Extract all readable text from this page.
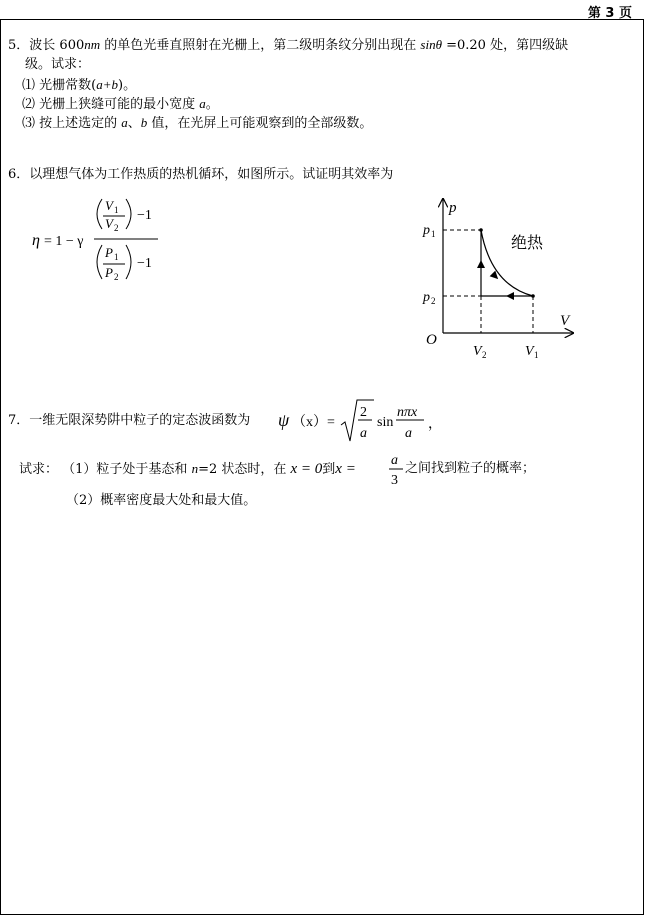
第 3 页
5．波长 600nm 的单色光垂直照射在光栅上，第二级明条纹分别出现在 sinθ =0.20 处，第四级缺
级。试求：
⑴ 光栅常数(a+b)。
⑵ 光栅上狭缝可能的最小宽度 a。
⑶ 按上述选定的 a、b 值，在光屏上可能观察到的全部级数。
6．以理想气体为工作热质的热机循环，如图所示。试证明其效率为
η = 1 − γ
V 1
V 2
−1
P 1
P 2
−1
p
V
O
p 1
p 2
V 2	V 1
绝热
7．一维无限深势阱中粒子的定态波函数为 ψ （x）=
2
a
sin
nπx
a
，
试求： （1）粒子处于基态和 n=2 状态时，在 x = 0到x =
a
3
之间找到粒子的概率；
（2）概率密度最大处和最大值。
